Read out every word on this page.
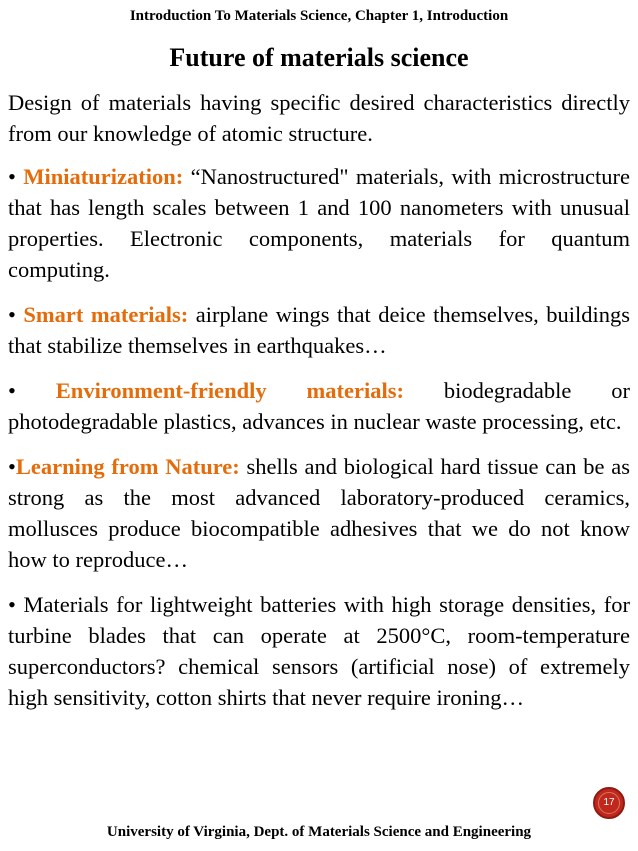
Introduction To Materials Science, Chapter 1, Introduction
Future of materials science

Design of materials having specific desired characteristics directly from our knowledge of atomic structure.

• Miniaturization: “Nanostructured" materials, with microstructure that has length scales between 1 and 100 nanometers with unusual properties. Electronic components, materials for quantum computing.

• Smart materials: airplane wings that deice themselves, buildings that stabilize themselves in earthquakes…

• Environment-friendly materials: biodegradable or photodegradable plastics, advances in nuclear waste processing, etc.

•Learning from Nature: shells and biological hard tissue can be as strong as the most advanced laboratory-produced ceramics, mollusces produce biocompatible adhesives that we do not know how to reproduce…

• Materials for lightweight batteries with high storage densities, for turbine blades that can operate at 2500°C, room-temperature superconductors? chemical sensors (artificial nose) of extremely high sensitivity, cotton shirts that never require ironing…

17
University of Virginia, Dept. of Materials Science and Engineering
